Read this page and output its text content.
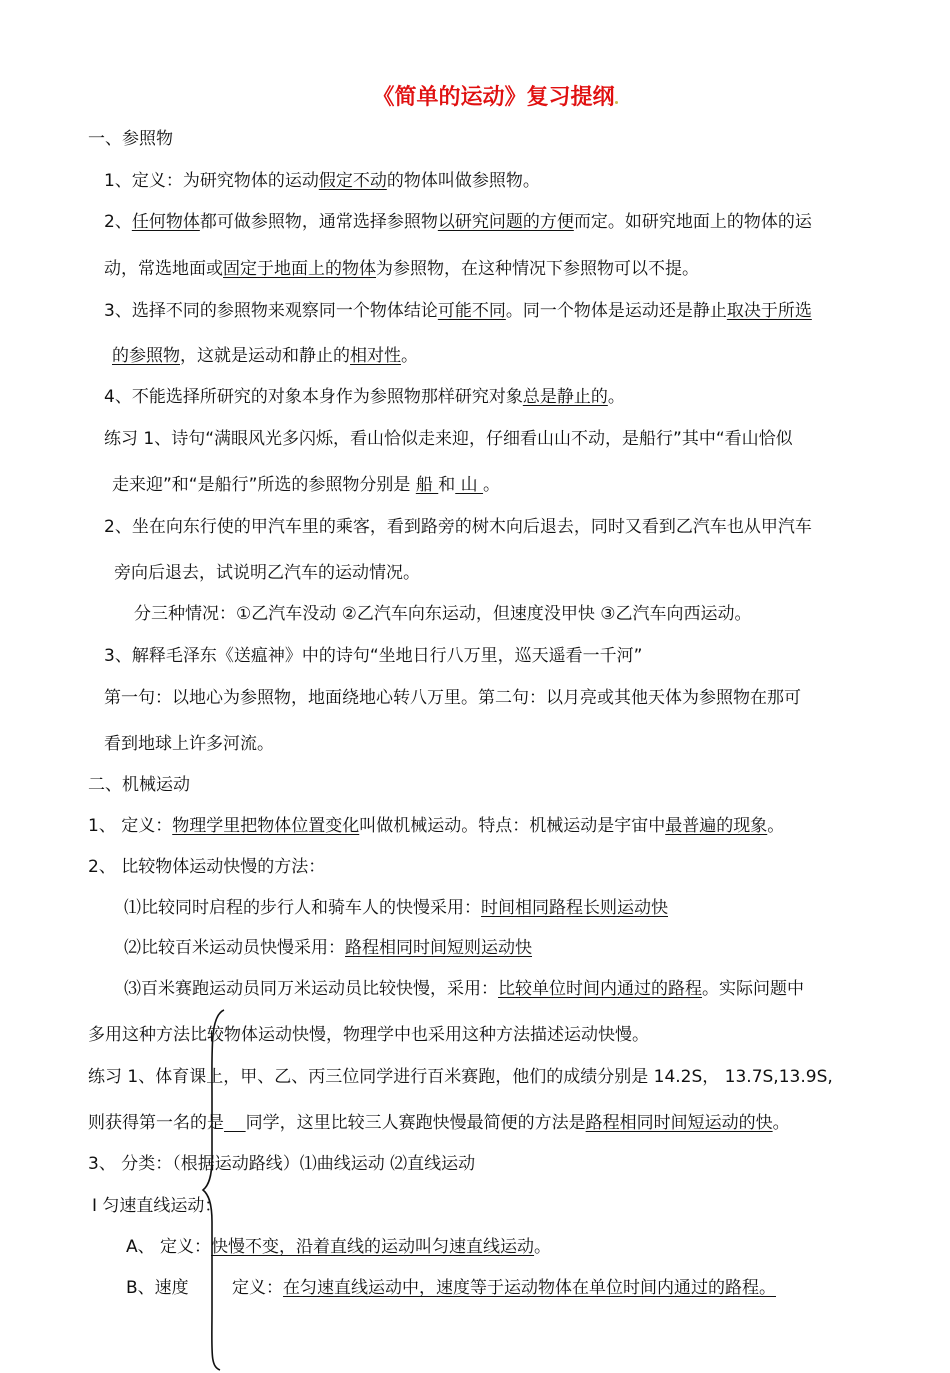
《简单的运动》复习提纲
一、参照物
1、定义：为研究物体的运动假定不动的物体叫做参照物。
2、任何物体都可做参照物，通常选择参照物以研究问题的方便而定。如研究地面上的物体的运
动，常选地面或固定于地面上的物体为参照物，在这种情况下参照物可以不提。
3、选择不同的参照物来观察同一个物体结论可能不同。同一个物体是运动还是静止取决于所选
的参照物，这就是运动和静止的相对性。
4、不能选择所研究的对象本身作为参照物那样研究对象总是静止的。
练习 1、诗句“满眼风光多闪烁，看山恰似走来迎，仔细看山山不动，是船行”其中“看山恰似
走来迎”和“是船行”所选的参照物分别是 船 和 山 。
2、坐在向东行使的甲汽车里的乘客，看到路旁的树木向后退去，同时又看到乙汽车也从甲汽车
旁向后退去，试说明乙汽车的运动情况。
分三种情况：①乙汽车没动 ②乙汽车向东运动，但速度没甲快 ③乙汽车向西运动。
3、解释毛泽东《送瘟神》中的诗句“坐地日行八万里，巡天遥看一千河”
第一句：以地心为参照物，地面绕地心转八万里。第二句：以月亮或其他天体为参照物在那可
看到地球上许多河流。
二、机械运动
1、 定义：物理学里把物体位置变化叫做机械运动。特点：机械运动是宇宙中最普遍的现象。
2、 比较物体运动快慢的方法：
⑴比较同时启程的步行人和骑车人的快慢采用：时间相同路程长则运动快
⑵比较百米运动员快慢采用：路程相同时间短则运动快
⑶百米赛跑运动员同万米运动员比较快慢，采用：比较单位时间内通过的路程。实际问题中
多用这种方法比较物体运动快慢，物理学中也采用这种方法描述运动快慢。
练习 1、体育课上，甲、乙、丙三位同学进行百米赛跑，他们的成绩分别是 14.2S， 13.7S,13.9S,
则获得第一名的是 同学，这里比较三人赛跑快慢最简便的方法是路程相同时间短运动的快。
3、 分类：（根据运动路线）⑴曲线运动 ⑵直线运动
Ⅰ 匀速直线运动：
A、 定义：快慢不变，沿着直线的运动叫匀速直线运动。
B、速度	定义：在匀速直线运动中，速度等于运动物体在单位时间内通过的路程。
